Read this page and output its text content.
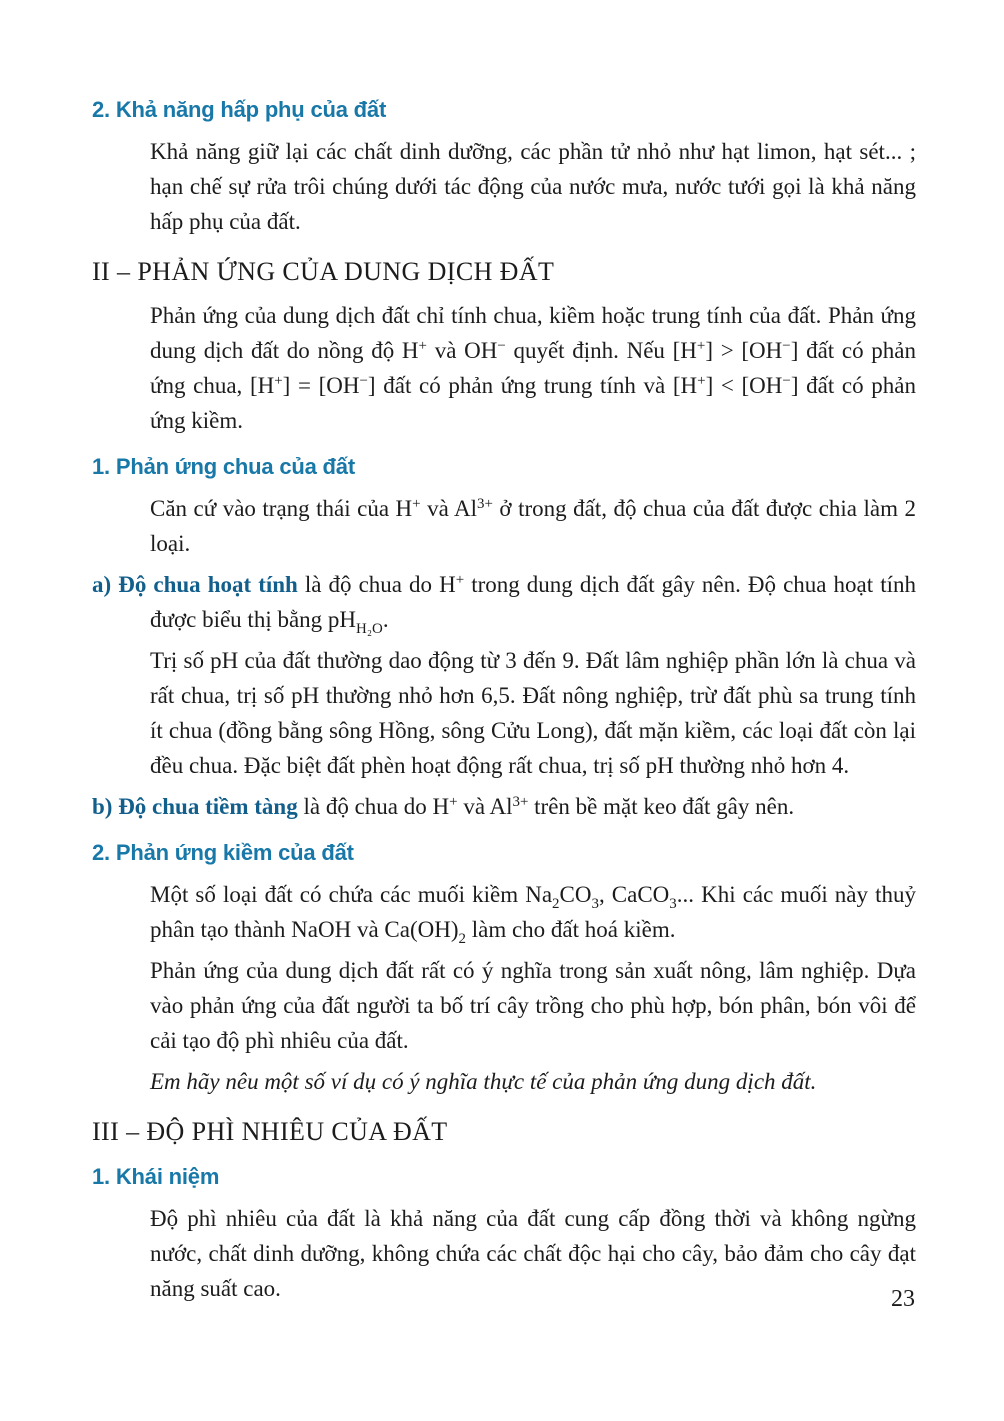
2. Khả năng hấp phụ của đất

Khả năng giữ lại các chất dinh dưỡng, các phần tử nhỏ như hạt limon, hạt sét... ; hạn chế sự rửa trôi chúng dưới tác động của nước mưa, nước tưới gọi là khả năng hấp phụ của đất.

II – PHẢN ỨNG CỦA DUNG DỊCH ĐẤT

Phản ứng của dung dịch đất chỉ tính chua, kiềm hoặc trung tính của đất. Phản ứng dung dịch đất do nồng độ H+ và OH− quyết định. Nếu [H+] > [OH−] đất có phản ứng chua, [H+] = [OH−] đất có phản ứng trung tính và [H+] < [OH−] đất có phản ứng kiềm.

1. Phản ứng chua của đất

Căn cứ vào trạng thái của H+ và $Al^{3+}$ ở trong đất, độ chua của đất được chia làm 2 loại.

a) Độ chua hoạt tính là độ chua do H+ trong dung dịch đất gây nên. Độ chua hoạt tính được biểu thị bằng $pH_{H_2O}$.

Trị số pH của đất thường dao động từ 3 đến 9. Đất lâm nghiệp phần lớn là chua và rất chua, trị số pH thường nhỏ hơn 6,5. Đất nông nghiệp, trừ đất phù sa trung tính ít chua (đồng bằng sông Hồng, sông Cửu Long), đất mặn kiềm, các loại đất còn lại đều chua. Đặc biệt đất phèn hoạt động rất chua, trị số pH thường nhỏ hơn 4.

b) Độ chua tiềm tàng là độ chua do H+ và $Al^{3+}$ trên bề mặt keo đất gây nên.

2. Phản ứng kiềm của đất

Một số loại đất có chứa các muối kiềm $Na_2CO_3$, CaCO$_3$... Khi các muối này thuỷ phân tạo thành NaOH và $Ca(OH)_2$ làm cho đất hoá kiềm.

Phản ứng của dung dịch đất rất có ý nghĩa trong sản xuất nông, lâm nghiệp. Dựa vào phản ứng của đất người ta bố trí cây trồng cho phù hợp, bón phân, bón vôi để cải tạo độ phì nhiêu của đất.

Em hãy nêu một số ví dụ có ý nghĩa thực tế của phản ứng dung dịch đất.

III – ĐỘ PHÌ NHIÊU CỦA ĐẤT
1. Khái niệm

Độ phì nhiêu của đất là khả năng của đất cung cấp đồng thời và không ngừng nước, chất dinh dưỡng, không chứa các chất độc hại cho cây, bảo đảm cho cây đạt năng suất cao.	23
